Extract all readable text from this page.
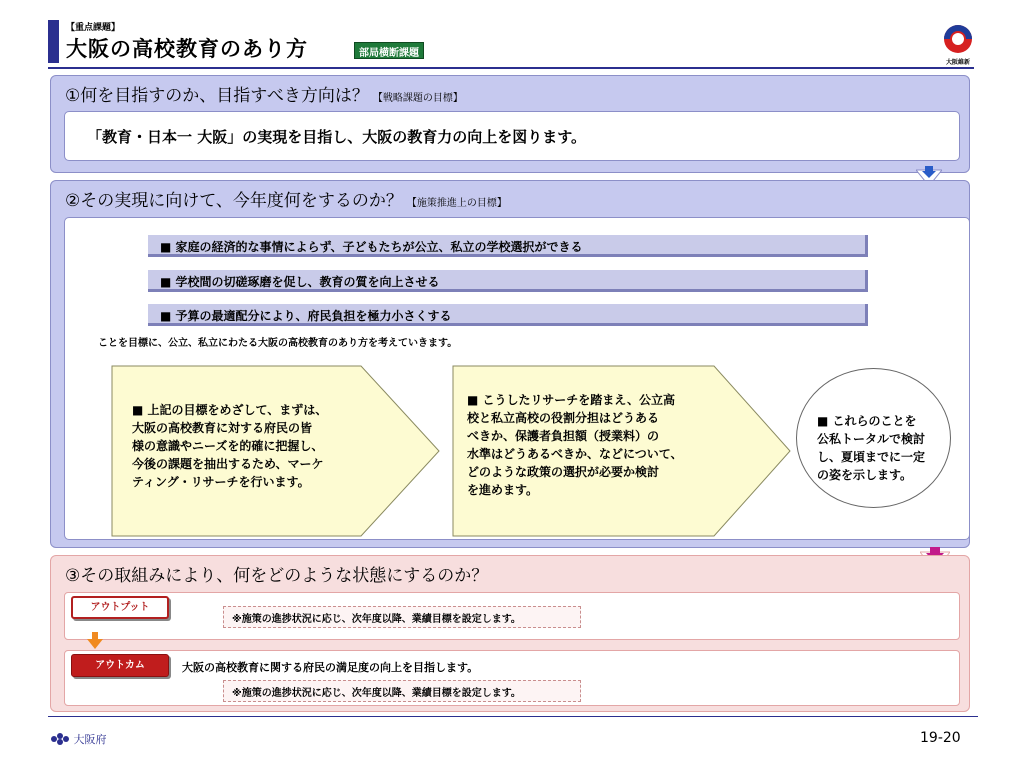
【重点課題】
大阪の高校教育のあり方	部局横断課題
大阪維新
①何を目指すのか、目指すべき方向は？ 【戦略課題の目標】
「教育・日本一 大阪」の実現を目指し、大阪の教育力の向上を図ります。
②その実現に向けて、今年度何をするのか？ 【施策推進上の目標】
■ 家庭の経済的な事情によらず、子どもたちが公立、私立の学校選択ができる
■ 学校間の切磋琢磨を促し、教育の質を向上させる
■ 予算の最適配分により、府民負担を極力小さくする
ことを目標に、公立、私立にわたる大阪の高校教育のあり方を考えていきます。
■ 上記の目標をめざして、まずは、
大阪の高校教育に対する府民の皆
様の意識やニーズを的確に把握し、
今後の課題を抽出するため、マーケ
ティング・リサーチを行います。
■ こうしたリサーチを踏まえ、公立高
校と私立高校の役割分担はどうある
べきか、保護者負担額（授業料）の
水準はどうあるべきか、などについて、
どのような政策の選択が必要か検討
を進めます。
■ これらのことを
公私トータルで検討
し、夏頃までに一定
の姿を示します。
③その取組みにより、何をどのような状態にするのか？
アウトプット
※施策の進捗状況に応じ、次年度以降、業績目標を設定します。
アウトカム	大阪の高校教育に関する府民の満足度の向上を目指します。
※施策の進捗状況に応じ、次年度以降、業績目標を設定します。
大阪府	19-20
